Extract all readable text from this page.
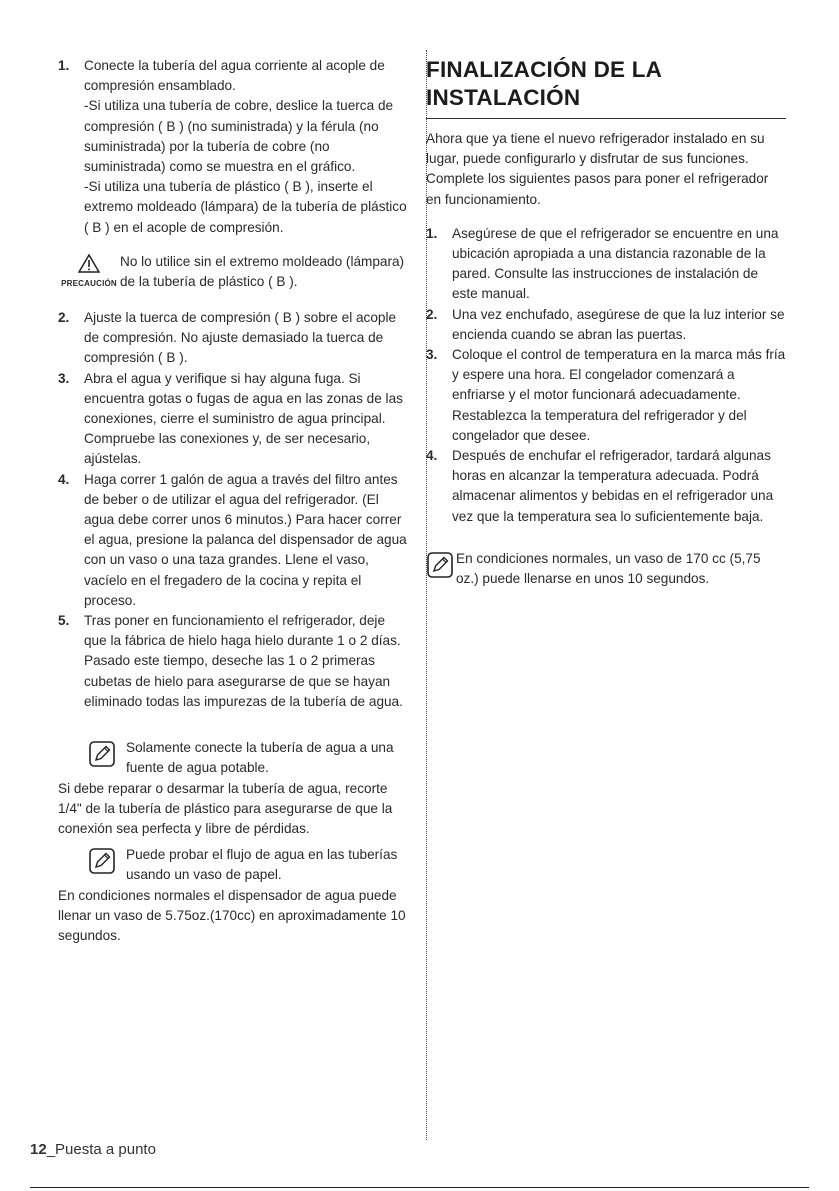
1.	Conecte la tubería del agua corriente al acople de compresión ensamblado.
-Si utiliza una tubería de cobre, deslice la tuerca de compresión ( B ) (no suministrada) y la férula (no suministrada) por la tubería de cobre (no suministrada) como se muestra en el gráfico.
-Si utiliza una tubería de plástico ( B ), inserte el extremo moldeado (lámpara) de la tubería de plástico ( B ) en el acople de compresión.
PRECAUCIÓN
No lo utilice sin el extremo moldeado (lámpara) de la tubería de plástico ( B ).
2.	Ajuste la tuerca de compresión ( B ) sobre el acople de compresión. No ajuste demasiado la tuerca de compresión ( B ).
3.	Abra el agua y verifique si hay alguna fuga. Si encuentra gotas o fugas de agua en las zonas de las conexiones, cierre el suministro de agua principal. Compruebe las conexiones y, de ser necesario, ajústelas.
4.	Haga correr 1 galón de agua a través del filtro antes de beber o de utilizar el agua del refrigerador. (El agua debe correr unos 6 minutos.) Para hacer correr el agua, presione la palanca del dispensador de agua con un vaso o una taza grandes. Llene el vaso, vacíelo en el fregadero de la cocina y repita el proceso.
5.	Tras poner en funcionamiento el refrigerador, deje que la fábrica de hielo haga hielo durante 1 o 2 días. Pasado este tiempo, deseche las 1 o 2 primeras cubetas de hielo para asegurarse de que se hayan eliminado todas las impurezas de la tubería de agua.

Solamente conecte la tubería de agua a una fuente de agua potable.

Si debe reparar o desarmar la tubería de agua, recorte 1/4" de la tubería de plástico para asegurarse de que la conexión sea perfecta y libre de pérdidas.

Puede probar el flujo de agua en las tuberías usando un vaso de papel.

En condiciones normales el dispensador de agua puede llenar un vaso de 5.75oz.(170cc) en aproximadamente 10 segundos.

FINALIZACIÓN DE LA INSTALACIÓN

Ahora que ya tiene el nuevo refrigerador instalado en su lugar, puede configurarlo y disfrutar de sus funciones.

Complete los siguientes pasos para poner el refrigerador en funcionamiento.

1.	Asegúrese de que el refrigerador se encuentre en una ubicación apropiada a una distancia razonable de la pared. Consulte las instrucciones de instalación de este manual.
2.	Una vez enchufado, asegúrese de que la luz interior se encienda cuando se abran las puertas.
3.	Coloque el control de temperatura en la marca más fría y espere una hora. El congelador comenzará a enfriarse y el motor funcionará adecuadamente. Restablezca la temperatura del refrigerador y del congelador que desee.
4.	Después de enchufar el refrigerador, tardará algunas horas en alcanzar la temperatura adecuada. Podrá almacenar alimentos y bebidas en el refrigerador una vez que la temperatura sea lo suficientemente baja.

En condiciones normales, un vaso de 170 cc (5,75 oz.) puede llenarse en unos 10 segundos.

12_Puesta a punto
